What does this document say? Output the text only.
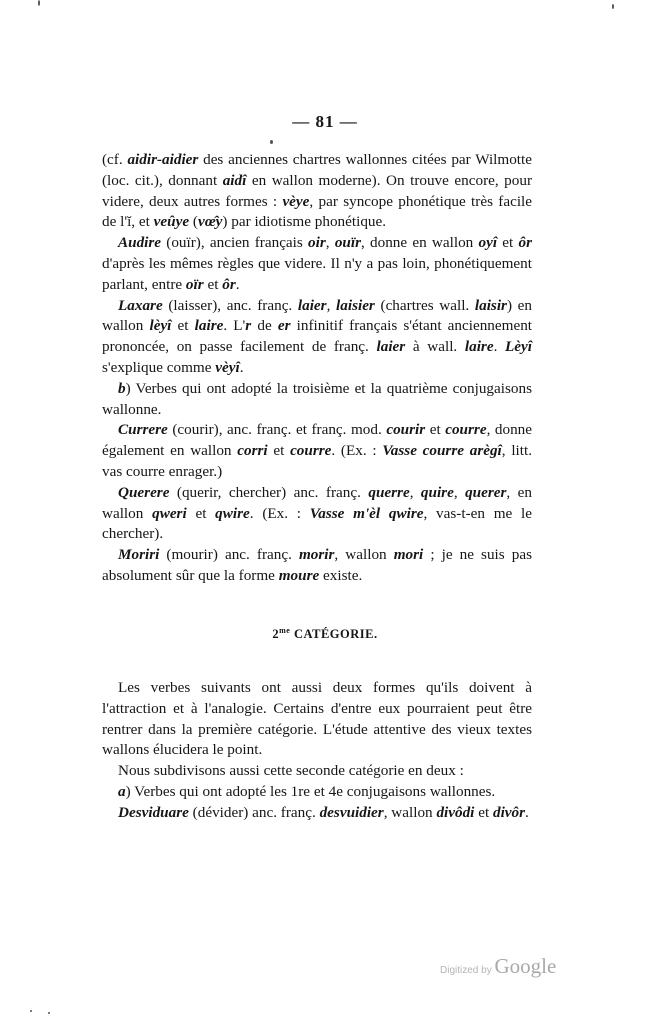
— 81 —

(cf. aidir-aidier des anciennes chartres wallonnes citées par Wilmotte (loc. cit.), donnant aidî en wallon moderne). On trouve encore, pour videre, deux autres formes : vèye, par syncope phonétique très facile de l'ĭ, et veûye (vœ̂y) par idiotisme phonétique.

Audire (ouïr), ancien français oir, ouïr, donne en wallon oyî et ôr d'après les mêmes règles que videre. Il n'y a pas loin, phonétiquement parlant, entre oïr et ôr.

Laxare (laisser), anc. franç. laier, laisier (chartres wall. laisir) en wallon lèyî et laire. L'r de er infinitif français s'étant anciennement prononcée, on passe facilement de franç. laier à wall. laire. Lèyî s'explique comme vèyî.

b) Verbes qui ont adopté la troisième et la quatrième conjugaisons wallonne.

Currere (courir), anc. franç. et franç. mod. courir et courre, donne également en wallon corri et courre. (Ex. : Vasse courre arègî, litt. vas courre enrager.)

Querere (querir, chercher) anc. franç. querre, quire, querer, en wallon qweri et qwire. (Ex. : Vasse m'èl qwire, vas-t-en me le chercher).

Moriri (mourir) anc. franç. morir, wallon mori ; je ne suis pas absolument sûr que la forme moure existe.

$2^{me}$ CATÉGORIE.

Les verbes suivants ont aussi deux formes qu'ils doivent à l'attraction et à l'analogie. Certains d'entre eux pourraient peut être rentrer dans la première catégorie. L'étude attentive des vieux textes wallons élucidera le point.

Nous subdivisons aussi cette seconde catégorie en deux :

a) Verbes qui ont adopté les 1re et 4e conjugaisons wallonnes.

Desviduare (dévider) anc. franç. desvuidier, wallon divôdi et divôr.

Digitized by Google
